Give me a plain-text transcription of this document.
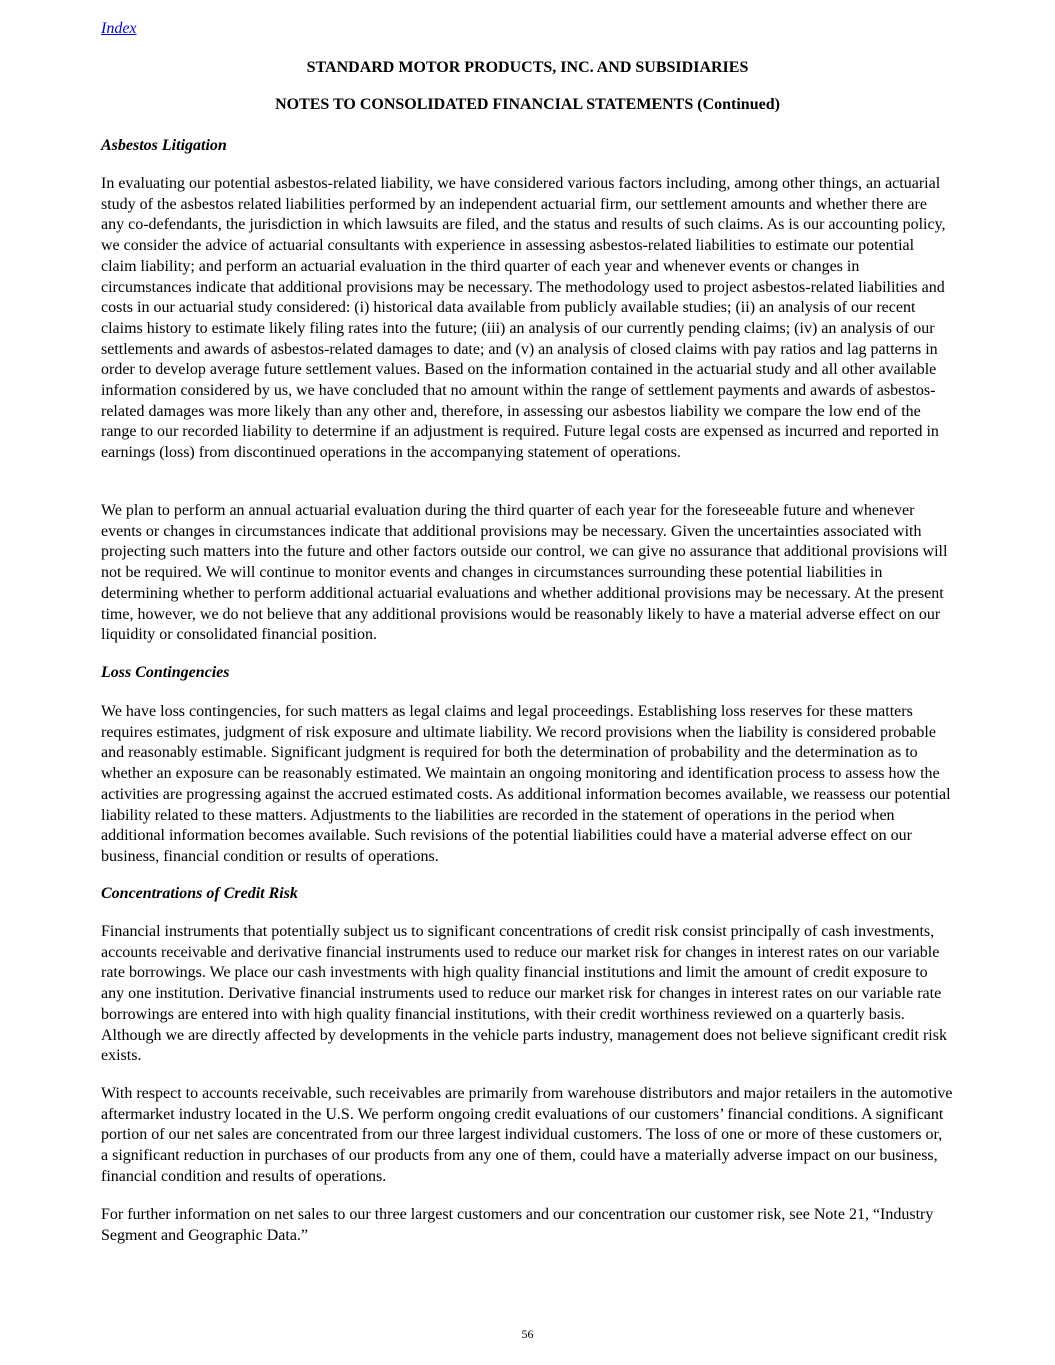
Index
STANDARD MOTOR PRODUCTS, INC. AND SUBSIDIARIES
NOTES TO CONSOLIDATED FINANCIAL STATEMENTS (Continued)
Asbestos Litigation

In evaluating our potential asbestos-related liability, we have considered various factors including, among other things, an actuarial study of the asbestos related liabilities performed by an independent actuarial firm, our settlement amounts and whether there are any co-defendants, the jurisdiction in which lawsuits are filed, and the status and results of such claims. As is our accounting policy, we consider the advice of actuarial consultants with experience in assessing asbestos-related liabilities to estimate our potential claim liability; and perform an actuarial evaluation in the third quarter of each year and whenever events or changes in circumstances indicate that additional provisions may be necessary. The methodology used to project asbestos-related liabilities and costs in our actuarial study considered: (i) historical data available from publicly available studies; (ii) an analysis of our recent claims history to estimate likely filing rates into the future; (iii) an analysis of our currently pending claims; (iv) an analysis of our settlements and awards of asbestos-related damages to date; and (v) an analysis of closed claims with pay ratios and lag patterns in order to develop average future settlement values. Based on the information contained in the actuarial study and all other available information considered by us, we have concluded that no amount within the range of settlement payments and awards of asbestos-related damages was more likely than any other and, therefore, in assessing our asbestos liability we compare the low end of the range to our recorded liability to determine if an adjustment is required. Future legal costs are expensed as incurred and reported in earnings (loss) from discontinued operations in the accompanying statement of operations.

We plan to perform an annual actuarial evaluation during the third quarter of each year for the foreseeable future and whenever events or changes in circumstances indicate that additional provisions may be necessary. Given the uncertainties associated with projecting such matters into the future and other factors outside our control, we can give no assurance that additional provisions will not be required. We will continue to monitor events and changes in circumstances surrounding these potential liabilities in determining whether to perform additional actuarial evaluations and whether additional provisions may be necessary. At the present time, however, we do not believe that any additional provisions would be reasonably likely to have a material adverse effect on our liquidity or consolidated financial position.

Loss Contingencies

We have loss contingencies, for such matters as legal claims and legal proceedings. Establishing loss reserves for these matters requires estimates, judgment of risk exposure and ultimate liability. We record provisions when the liability is considered probable and reasonably estimable. Significant judgment is required for both the determination of probability and the determination as to whether an exposure can be reasonably estimated. We maintain an ongoing monitoring and identification process to assess how the activities are progressing against the accrued estimated costs. As additional information becomes available, we reassess our potential liability related to these matters. Adjustments to the liabilities are recorded in the statement of operations in the period when additional information becomes available. Such revisions of the potential liabilities could have a material adverse effect on our business, financial condition or results of operations.

Concentrations of Credit Risk

Financial instruments that potentially subject us to significant concentrations of credit risk consist principally of cash investments, accounts receivable and derivative financial instruments used to reduce our market risk for changes in interest rates on our variable rate borrowings. We place our cash investments with high quality financial institutions and limit the amount of credit exposure to any one institution. Derivative financial instruments used to reduce our market risk for changes in interest rates on our variable rate borrowings are entered into with high quality financial institutions, with their credit worthiness reviewed on a quarterly basis. Although we are directly affected by developments in the vehicle parts industry, management does not believe significant credit risk exists.

With respect to accounts receivable, such receivables are primarily from warehouse distributors and major retailers in the automotive aftermarket industry located in the U.S. We perform ongoing credit evaluations of our customers’ financial conditions. A significant portion of our net sales are concentrated from our three largest individual customers. The loss of one or more of these customers or, a significant reduction in purchases of our products from any one of them, could have a materially adverse impact on our business, financial condition and results of operations.

For further information on net sales to our three largest customers and our concentration our customer risk, see Note 21, “Industry Segment and Geographic Data.”

56
